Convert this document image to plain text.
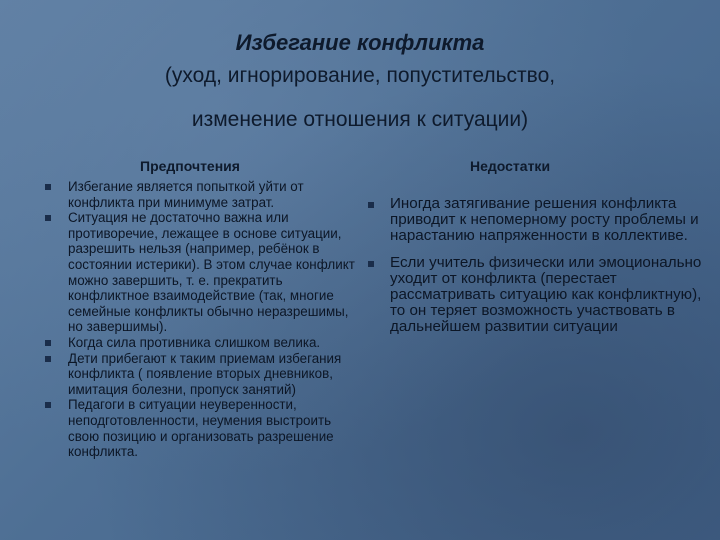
Избегание конфликта
(уход, игнорирование, попустительство,
изменение отношения к ситуации)
Предпочтения	Недостатки
Избегание является попыткой уйти от конфликта при минимуме затрат.
Ситуация не достаточно важна или противоречие, лежащее в основе ситуации, разрешить нельзя (например, ребёнок в состоянии истерики). В этом случае конфликт можно завершить, т. е. прекратить конфликтное взаимодействие (так, многие семейные конфликты обычно неразрешимы, но завершимы).
Когда сила противника слишком велика.
Дети прибегают к таким приемам избегания конфликта ( появление вторых дневников, имитация болезни, пропуск занятий)
Педагоги в ситуации неуверенности, неподготовленности, неумения выстроить свою позицию и организовать разрешение конфликта.
Иногда затягивание решения конфликта приводит к непомерному росту проблемы и нарастанию напряженности в коллективе.
Если учитель физически или эмоционально уходит от конфликта (перестает рассматривать ситуацию как конфликтную), то он теряет возможность участвовать в дальнейшем развитии ситуации
